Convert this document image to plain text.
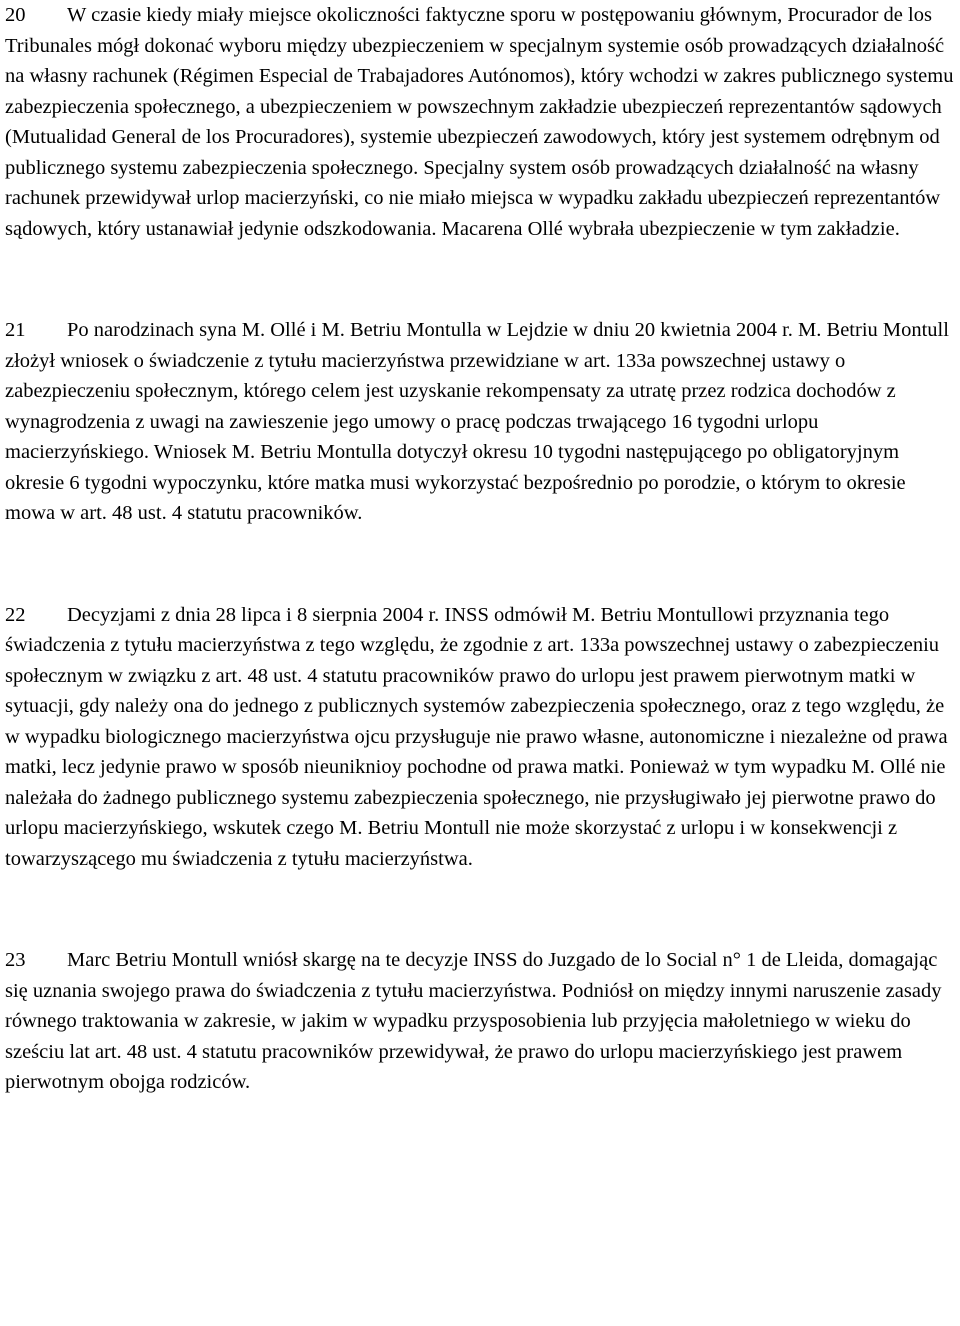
20 W czasie kiedy miały miejsce okoliczności faktyczne sporu w postępowaniu głównym, Procurador de los Tribunales mógł dokonać wyboru między ubezpieczeniem w specjalnym systemie osób prowadzących działalność na własny rachunek (Régimen Especial de Trabajadores Autónomos), który wchodzi w zakres publicznego systemu zabezpieczenia społecznego, a ubezpieczeniem w powszechnym zakładzie ubezpieczeń reprezentantów sądowych (Mutualidad General de los Procuradores), systemie ubezpieczeń zawodowych, który jest systemem odrębnym od publicznego systemu zabezpieczenia społecznego. Specjalny system osób prowadzących działalność na własny rachunek przewidywał urlop macierzyński, co nie miało miejsca w wypadku zakładu ubezpieczeń reprezentantów sądowych, który ustanawiał jedynie odszkodowania. Macarena Ollé wybrała ubezpieczenie w tym zakładzie.

21 Po narodzinach syna M. Ollé i M. Betriu Montulla w Lejdzie w dniu 20 kwietnia 2004 r. M. Betriu Montull złożył wniosek o świadczenie z tytułu macierzyństwa przewidziane w art. 133a powszechnej ustawy o zabezpieczeniu społecznym, którego celem jest uzyskanie rekompensaty za utratę przez rodzica dochodów z wynagrodzenia z uwagi na zawieszenie jego umowy o pracę podczas trwającego 16 tygodni urlopu macierzyńskiego. Wniosek M. Betriu Montulla dotyczył okresu 10 tygodni następującego po obligatoryjnym okresie 6 tygodni wypoczynku, które matka musi wykorzystać bezpośrednio po porodzie, o którym to okresie mowa w art. 48 ust. 4 statutu pracowników.

22 Decyzjami z dnia 28 lipca i 8 sierpnia 2004 r. INSS odmówił M. Betriu Montullowi przyznania tego świadczenia z tytułu macierzyństwa z tego względu, że zgodnie z art. 133a powszechnej ustawy o zabezpieczeniu społecznym w związku z art. 48 ust. 4 statutu pracowników prawo do urlopu jest prawem pierwotnym matki w sytuacji, gdy należy ona do jednego z publicznych systemów zabezpieczenia społecznego, oraz z tego względu, że w wypadku biologicznego macierzyństwa ojcu przysługuje nie prawo własne, autonomiczne i niezależne od prawa matki, lecz jedynie prawo w sposób nieuniknioy pochodne od prawa matki. Ponieważ w tym wypadku M. Ollé nie należała do żadnego publicznego systemu zabezpieczenia społecznego, nie przysługiwało jej pierwotne prawo do urlopu macierzyńskiego, wskutek czego M. Betriu Montull nie może skorzystać z urlopu i w konsekwencji z towarzyszącego mu świadczenia z tytułu macierzyństwa.

23 Marc Betriu Montull wniósł skargę na te decyzje INSS do Juzgado de lo Social n° 1 de Lleida, domagając się uznania swojego prawa do świadczenia z tytułu macierzyństwa. Podniósł on między innymi naruszenie zasady równego traktowania w zakresie, w jakim w wypadku przysposobienia lub przyjęcia małoletniego w wieku do sześciu lat art. 48 ust. 4 statutu pracowników przewidywał, że prawo do urlopu macierzyńskiego jest prawem pierwotnym obojga rodziców.
